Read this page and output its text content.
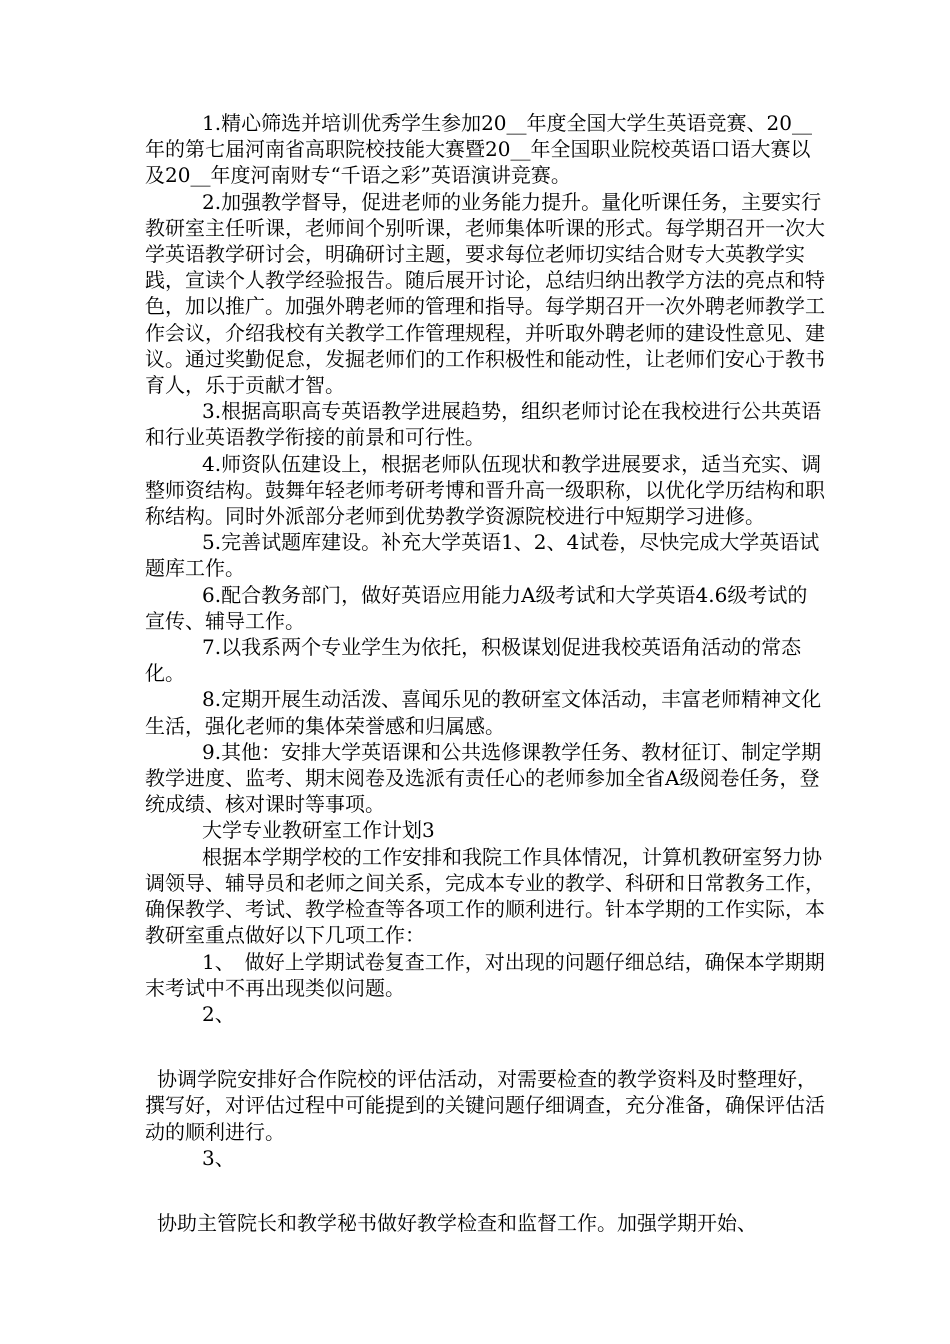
1.精心筛选并培训优秀学生参加20__年度全国大学生英语竞赛、20__年的第七届河南省高职院校技能大赛暨20__年全国职业院校英语口语大赛以及20__年度河南财专“千语之彩”英语演讲竞赛。

2.加强教学督导，促进老师的业务能力提升。量化听课任务，主要实行教研室主任听课，老师间个别听课，老师集体听课的形式。每学期召开一次大学英语教学研讨会，明确研讨主题，要求每位老师切实结合财专大英教学实践，宣读个人教学经验报告。随后展开讨论，总结归纳出教学方法的亮点和特色，加以推广。加强外聘老师的管理和指导。每学期召开一次外聘老师教学工作会议，介绍我校有关教学工作管理规程，并听取外聘老师的建设性意见、建议。通过奖勤促怠，发掘老师们的工作积极性和能动性，让老师们安心于教书育人，乐于贡献才智。

3.根据高职高专英语教学进展趋势，组织老师讨论在我校进行公共英语和行业英语教学衔接的前景和可行性。

4.师资队伍建设上，根据老师队伍现状和教学进展要求，适当充实、调整师资结构。鼓舞年轻老师考研考博和晋升高一级职称，以优化学历结构和职称结构。同时外派部分老师到优势教学资源院校进行中短期学习进修。

5.完善试题库建设。补充大学英语1、2、4试卷，尽快完成大学英语试题库工作。

6.配合教务部门，做好英语应用能力A级考试和大学英语4.6级考试的宣传、辅导工作。

7.以我系两个专业学生为依托，积极谋划促进我校英语角活动的常态化。

8.定期开展生动活泼、喜闻乐见的教研室文体活动，丰富老师精神文化生活，强化老师的集体荣誉感和归属感。

9.其他：安排大学英语课和公共选修课教学任务、教材征订、制定学期教学进度、监考、期末阅卷及选派有责任心的老师参加全省A级阅卷任务，登统成绩、核对课时等事项。

大学专业教研室工作计划3

根据本学期学校的工作安排和我院工作具体情况，计算机教研室努力协调领导、辅导员和老师之间关系，完成本专业的教学、科研和日常教务工作，确保教学、考试、教学检查等各项工作的顺利进行。针本学期的工作实际，本教研室重点做好以下几项工作：

1、　做好上学期试卷复查工作，对出现的问题仔细总结，确保本学期期末考试中不再出现类似问题。

2、

协调学院安排好合作院校的评估活动，对需要检查的教学资料及时整理好，撰写好，对评估过程中可能提到的关键问题仔细调查，充分准备，确保评估活动的顺利进行。

3、

协助主管院长和教学秘书做好教学检查和监督工作。加强学期开始、
